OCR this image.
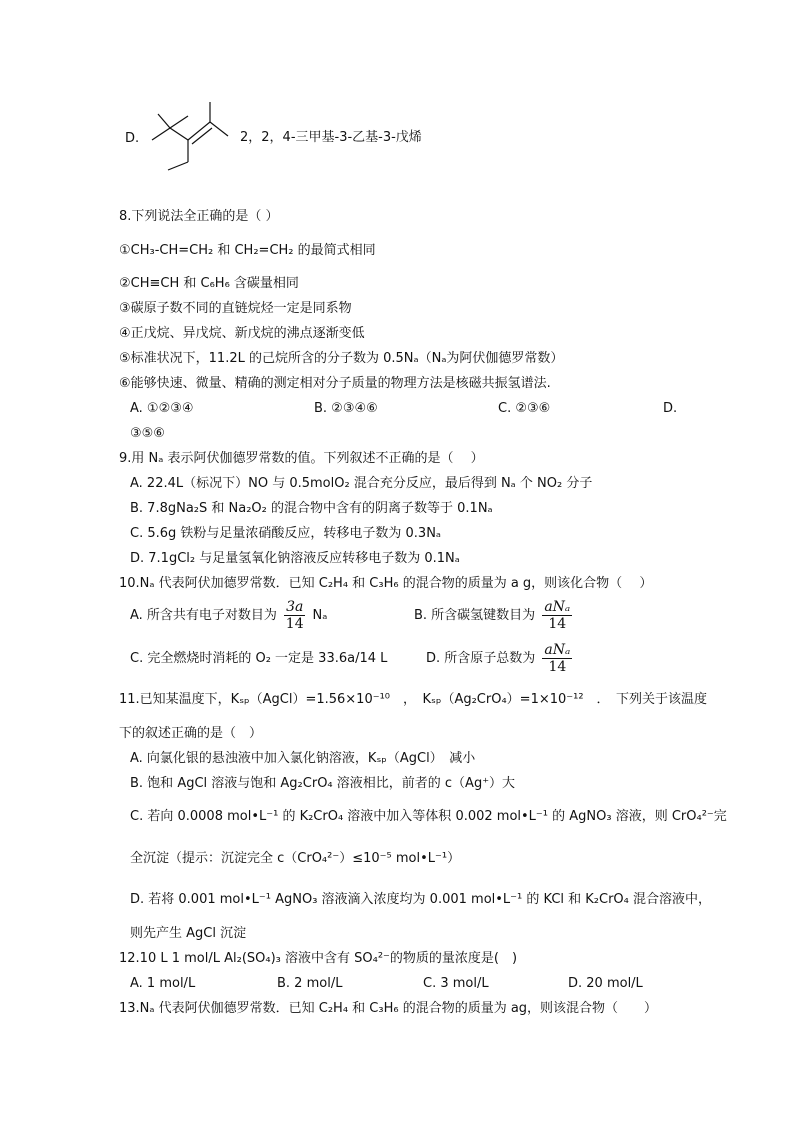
D.	2，2，4-三甲基-3-乙基-3-戊烯
8.下列说法全正确的是（ ）
①CH₃-CH=CH₂ 和 CH₂=CH₂ 的最简式相同
②CH≡CH 和 C₆H₆ 含碳量相同
③碳原子数不同的直链烷烃一定是同系物
④正戊烷、异戊烷、新戊烷的沸点逐渐变低
⑤标准状况下，11.2L 的己烷所含的分子数为 0.5Nₐ（Nₐ为阿伏伽德罗常数）
⑥能够快速、微量、精确的测定相对分子质量的物理方法是核磁共振氢谱法.
A. ①②③④	B. ②③④⑥	C. ②③⑥	D.
③⑤⑥
9.用 Nₐ 表示阿伏伽德罗常数的值。下列叙述不正确的是（　 ）
A. 22.4L（标况下）NO 与 0.5molO₂ 混合充分反应，最后得到 Nₐ 个 NO₂ 分子
B. 7.8gNa₂S 和 Na₂O₂ 的混合物中含有的阴离子数等于 0.1Nₐ
C. 5.6g 铁粉与足量浓硝酸反应，转移电子数为 0.3Nₐ
D. 7.1gCl₂ 与足量氢氧化钠溶液反应转移电子数为 0.1Nₐ
10.Nₐ 代表阿伏加德罗常数．已知 C₂H₄ 和 C₃H₆ 的混合物的质量为 a g，则该化合物（　 ）
A. 所含共有电子对数目为 $\frac{3a}{14}$ Nₐ	B. 所含碳氢键数目为 $\frac{\text{aNₐ}}{14}$
C. 完全燃烧时消耗的 O₂ 一定是 33.6a/14 L	D. 所含原子总数为 $\frac{\text{aNₐ}}{14}$
11.已知某温度下，Kₛₚ（AgCl）=1.56×10⁻¹⁰　，　Kₛₚ（Ag₂CrO₄）=1×10⁻¹²　．　下列关于该温度
下的叙述正确的是（　）
A. 向氯化银的悬浊液中加入氯化钠溶液，Kₛₚ（AgCl）　减小
B. 饱和 AgCl 溶液与饱和 Ag₂CrO₄ 溶液相比，前者的 c（Ag⁺）大
C. 若向 0.0008 mol•L⁻¹ 的 K₂CrO₄ 溶液中加入等体积 0.002 mol•L⁻¹ 的 AgNO₃ 溶液，则 CrO₄²⁻完
全沉淀（提示：沉淀完全 c（CrO₄²⁻）≤10⁻⁵ mol•L⁻¹）
D. 若将 0.001 mol•L⁻¹ AgNO₃ 溶液滴入浓度均为 0.001 mol•L⁻¹ 的 KCl 和 K₂CrO₄ 混合溶液中，
则先产生 AgCl 沉淀
12.10 L 1 mol/L Al₂(SO₄)₃ 溶液中含有 SO₄²⁻的物质的量浓度是(　)
A. 1 mol/L	B. 2 mol/L	C. 3 mol/L	D. 20 mol/L
13.Nₐ 代表阿伏伽德罗常数．已知 C₂H₄ 和 C₃H₆ 的混合物的质量为 ag，则该混合物（　　）
